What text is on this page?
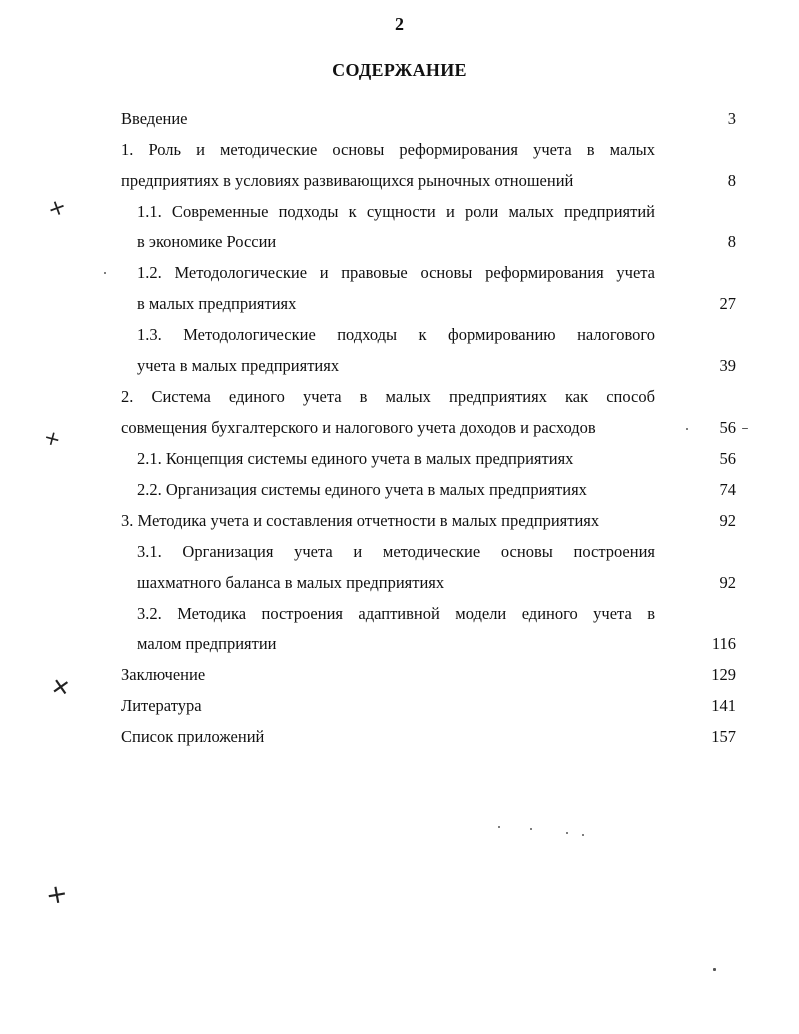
2
СОДЕРЖАНИЕ
Введение	3
1. Роль и методические основы реформирования учета в малых
предприятиях в условиях развивающихся рыночных отношений	8
1.1. Современные подходы к сущности и роли малых предприятий
в экономике России	8
1.2. Методологические и правовые основы реформирования учета
в малых предприятиях	27
1.3. Методологические подходы к формированию налогового
учета в малых предприятиях	39
2. Система единого учета в малых предприятиях как способ
совмещения бухгалтерского и налогового учета доходов и расходов	56
2.1. Концепция системы единого учета в малых предприятиях	56
2.2. Организация системы единого учета в малых предприятиях	74
3. Методика учета и составления отчетности в малых предприятиях	92
3.1. Организация учета и методические основы построения
шахматного баланса в малых предприятиях	92
3.2. Методика построения адаптивной модели единого учета в
малом предприятии	116
Заключение	129
Литература	141
Список приложений	157
+
+
+
+
